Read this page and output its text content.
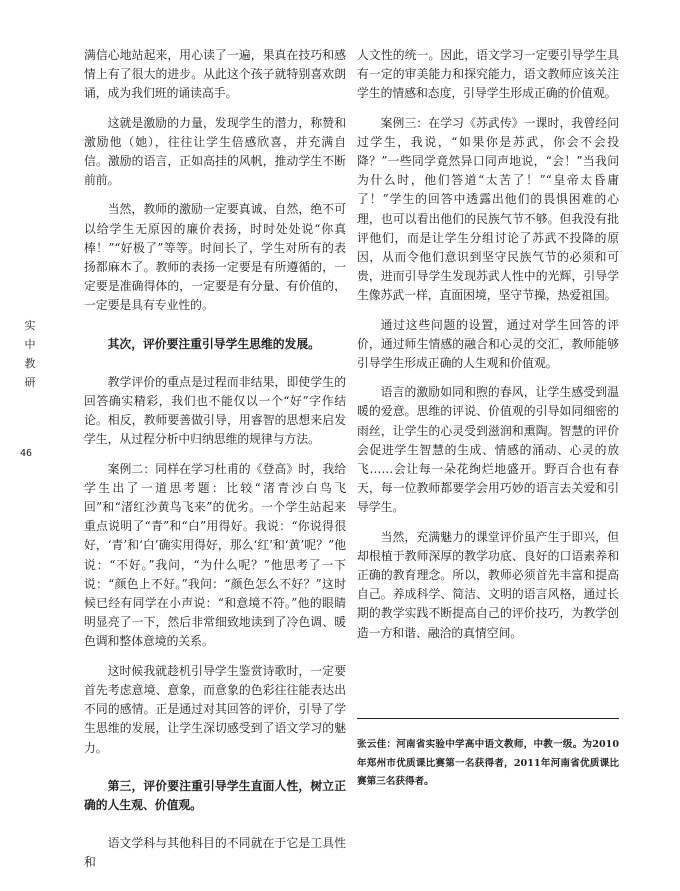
实
中
教
研
46

满信心地站起来，用心读了一遍，果真在技巧和感情上有了很大的进步。从此这个孩子就特别喜欢朗诵，成为我们班的诵读高手。

这就是激励的力量，发现学生的潜力，称赞和激励他（她），往往让学生倍感欣喜，并充满自信。激励的语言，正如高挂的风帆，推动学生不断前前。

当然，教师的激励一定要真诚、自然，绝不可以给学生无原因的廉价表扬，时时处处说“你真棒！”“好极了”等等。时间长了，学生对所有的表扬都麻木了。教师的表扬一定要是有所遵循的，一定要是准确得体的，一定要是有分量、有价值的，一定要是具有专业性的。

其次，评价要注重引导学生思维的发展。

教学评价的重点是过程而非结果，即使学生的回答确实精彩，我们也不能仅以一个“好”字作结论。相反，教师要善做引导，用睿智的思想来启发学生，从过程分析中归纳思维的规律与方法。

案例二：同样在学习杜甫的《登高》时，我给学生出了一道思考题：比较“渚青沙白鸟飞回”和“渚红沙黄鸟飞来”的优劣。一个学生站起来重点说明了“青”和“白”用得好。我说：“你说得很好，‘青’和‘白’确实用得好，那么‘红’和‘黄’呢？”他说：“不好。”我问，“为什么呢？”他思考了一下说：“颜色上不好。”我问：“颜色怎么不好？”这时候已经有同学在小声说：“和意境不符。”他的眼睛明显亮了一下，然后非常细致地读到了冷色调、暖色调和整体意境的关系。

这时候我就趁机引导学生鉴赏诗歌时，一定要首先考虑意境、意象，而意象的色彩往往能表达出不同的感情。正是通过对其回答的评价，引导了学生思维的发展，让学生深切感受到了语文学习的魅力。

第三，评价要注重引导学生直面人性，树立正确的人生观、价值观。

语文学科与其他科目的不同就在于它是工具性和

人文性的统一。因此，语文学习一定要引导学生具有一定的审美能力和探究能力，语文教师应该关注学生的情感和态度，引导学生形成正确的价值观。

案例三：在学习《苏武传》一课时，我曾经问过学生，我说，“如果你是苏武，你会不会投降？”一些同学竟然异口同声地说，“会！”当我问为什么时，他们答道“太苦了！”“皇帝太昏庸了！”学生的回答中透露出他们的畏惧困难的心理，也可以看出他们的民族气节不够。但我没有批评他们，而是让学生分组讨论了苏武不投降的原因，从而令他们意识到坚守民族气节的必须和可贵，进而引导学生发现苏武人性中的光辉，引导学生像苏武一样，直面困境，坚守节操，热爱祖国。

通过这些问题的设置，通过对学生回答的评价，通过师生情感的融合和心灵的交汇，教师能够引导学生形成正确的人生观和价值观。

语言的激励如同和煦的春风，让学生感受到温暖的爱意。思维的评说、价值观的引导如同细密的雨丝，让学生的心灵受到滋润和熏陶。智慧的评价会促进学生智慧的生成、情感的涌动、心灵的放飞……会让每一朵花绚烂地盛开。野百合也有春天，每一位教师都要学会用巧妙的语言去关爱和引导学生。

当然，充满魅力的课堂评价虽产生于即兴，但却根植于教师深厚的教学功底、良好的口语素养和正确的教育理念。所以，教师必须首先丰富和提高自己。养成科学、简洁、文明的语言风格，通过长期的教学实践不断提高自己的评价技巧，为教学创造一方和谐、融洽的真情空间。

张云佳：河南省实验中学高中语文教师，中教一级。为2010年郑州市优质课比赛第一名获得者，2011年河南省优质课比赛第三名获得者。
